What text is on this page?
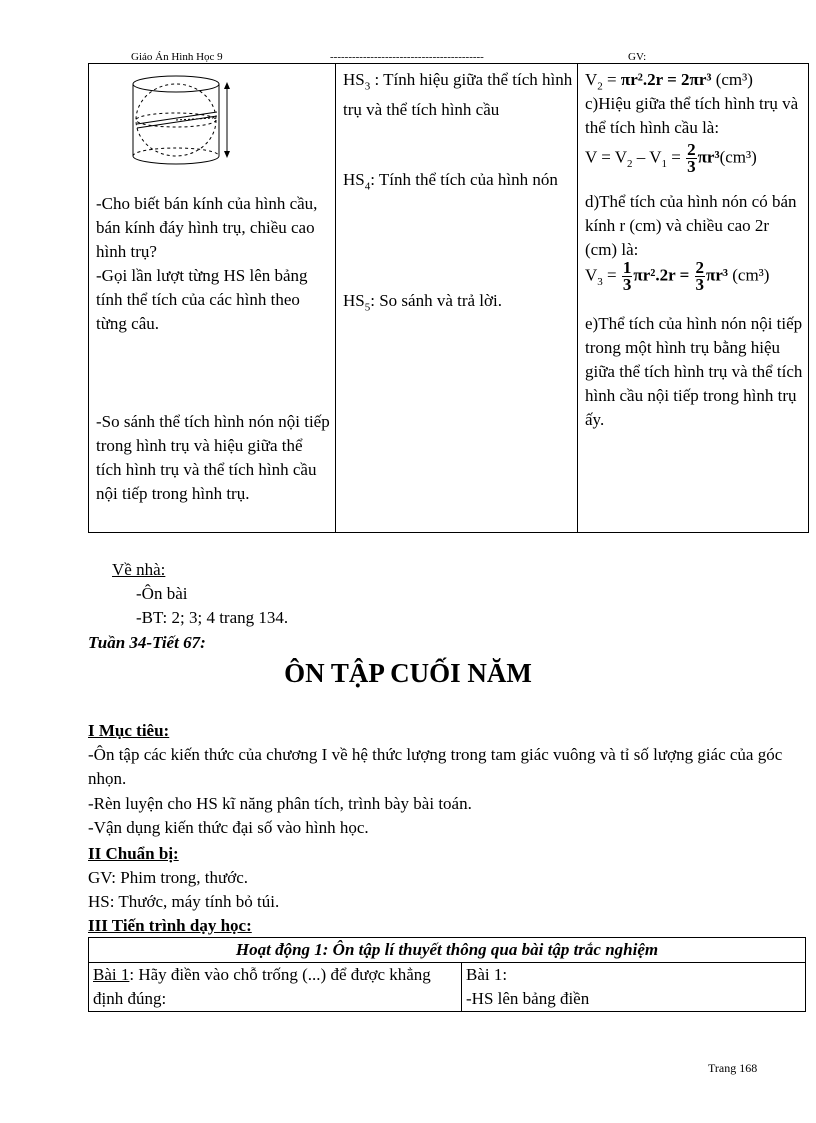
Giáo Án Hình Học 9	------------------------------------------	GV:
-Cho biết bán kính của hình cầu, bán kính đáy hình trụ, chiều cao hình trụ?
-Gọi lần lượt từng HS lên bảng tính thể tích của các hình theo từng câu.
-So sánh thể tích hình nón nội tiếp trong hình trụ và hiệu giữa thể tích hình trụ và thể tích hình cầu nội tiếp trong hình trụ.

$HS_3$ : Tính hiệu giữa thể tích hình trụ và thể tích hình cầu
$HS_4$: Tính thể tích của hình nón
$HS_5$: So sánh và trả lời.

$V_2 = \pi r^2.2r = 2\pi r^3$ (cm³)
c)Hiệu giữa thể tích hình trụ và thể tích hình cầu là:
$V = V_2 - V_1 = \frac{2}{3} \pi r^3(cm^3)$
d)Thể tích của hình nón có bán kính r (cm) và chiều cao 2r (cm) là:
$V_3 = \frac{1}{3} \pi r^2.2r = \frac{2}{3} \pi r^3$ (cm³)
e)Thể tích của hình nón nội tiếp trong một hình trụ bằng hiệu giữa thể tích hình trụ và thể tích hình cầu nội tiếp trong hình trụ ấy.
Về nhà:
-Ôn bài
-BT: 2; 3; 4 trang 134.
Tuần 34-Tiết 67:
ÔN TẬP CUỐI NĂM
I Mục tiêu:
-Ôn tập các kiến thức của chương I về hệ thức lượng trong tam giác vuông và tỉ số lượng giác của góc nhọn.
-Rèn luyện cho HS kĩ năng phân tích, trình bày bài toán.
-Vận dụng kiến thức đại số vào hình học.
II Chuẩn bị:
GV: Phim trong, thước.
HS: Thước, máy tính bỏ túi.
III Tiến trình dạy học:
Hoạt động 1: Ôn tập lí thuyết thông qua bài tập trắc nghiệm
Bài 1: Hãy điền vào chỗ trống (...) để được khẳng định đúng:	
Bài 1:
-HS lên bảng điền
Trang 168
